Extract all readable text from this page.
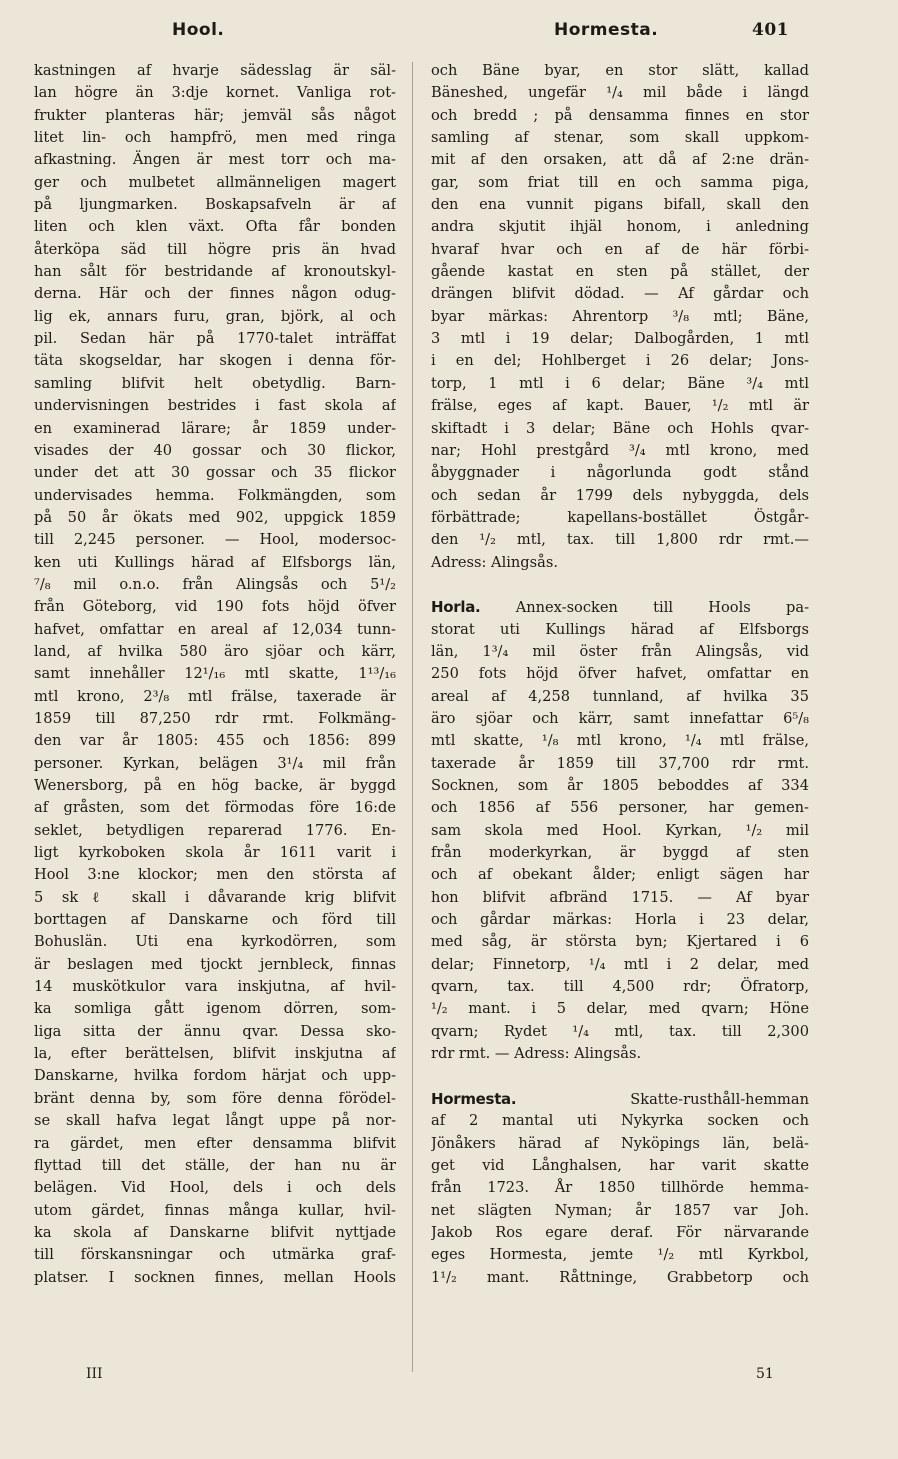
Hool.	Hormesta.	401
kastningen af hvarje sädesslag är säl-
lan högre än 3:dje kornet. Vanliga rot-
frukter planteras här; jemväl sås något
litet lin- och hampfrö, men med ringa
afkastning. Ängen är mest torr och ma-
ger och mulbetet allmänneligen magert
på ljungmarken. Boskapsafveln är af
liten och klen växt. Ofta får bonden
återköpa säd till högre pris än hvad
han sålt för bestridande af kronoutskyl-
derna. Här och der finnes någon odug-
lig ek, annars furu, gran, björk, al och
pil. Sedan här på 1770-talet inträffat
täta skogseldar, har skogen i denna för-
samling blifvit helt obetydlig. Barn-
undervisningen bestrides i fast skola af
en examinerad lärare; år 1859 under-
visades der 40 gossar och 30 flickor,
under det att 30 gossar och 35 flickor
undervisades hemma. Folkmängden, som
på 50 år ökats med 902, uppgick 1859
till 2,245 personer. — Hool, modersoc-
ken uti Kullings härad af Elfsborgs län,
⁷/₈ mil o.n.o. från Alingsås och 5¹/₂
från Göteborg, vid 190 fots höjd öfver
hafvet, omfattar en areal af 12,034 tunn-
land, af hvilka 580 äro sjöar och kärr,
samt innehåller 12¹/₁₆ mtl skatte, 1¹³/₁₆
mtl krono, 2³/₈ mtl frälse, taxerade är
1859 till 87,250 rdr rmt. Folkmäng-
den var år 1805: 455 och 1856: 899
personer. Kyrkan, belägen 3¹/₄ mil från
Wenersborg, på en hög backe, är byggd
af gråsten, som det förmodas före 16:de
seklet, betydligen reparerad 1776. En-
ligt kyrkoboken skola år 1611 varit i
Hool 3:ne klockor; men den största af
5 skℓ skall i dåvarande krig blifvit
borttagen af Danskarne och förd till
Bohuslän. Uti ena kyrkodörren, som
är beslagen med tjockt jernbleck, finnas
14 muskötkulor vara inskjutna, af hvil-
ka somliga gått igenom dörren, som-
liga sitta der ännu qvar. Dessa sko-
la, efter berättelsen, blifvit inskjutna af
Danskarne, hvilka fordom härjat och upp-
bränt denna by, som före denna förödel-
se skall hafva legat långt uppe på nor-
ra gärdet, men efter densamma blifvit
flyttad till det ställe, der han nu är
belägen. Vid Hool, dels i och dels
utom gärdet, finnas många kullar, hvil-
ka skola af Danskarne blifvit nyttjade
till förskansningar och utmärka graf-
platser. I socknen finnes, mellan Hools
och Bäne byar, en stor slätt, kallad
Bäneshed, ungefär ¹/₄ mil både i längd
och bredd ; på densamma finnes en stor
samling af stenar, som skall uppkom-
mit af den orsaken, att då af 2:ne drän-
gar, som friat till en och samma piga,
den ena vunnit pigans bifall, skall den
andra skjutit ihjäl honom, i anledning
hvaraf hvar och en af de här förbi-
gående kastat en sten på stället, der
drängen blifvit dödad. — Af gårdar och
byar märkas: Ahrentorp ³/₈ mtl; Bäne,
3 mtl i 19 delar; Dalbogården, 1 mtl
i en del; Hohlberget i 26 delar; Jons-
torp, 1 mtl i 6 delar; Bäne ³/₄ mtl
frälse, eges af kapt. Bauer, ¹/₂ mtl är
skiftadt i 3 delar; Bäne och Hohls qvar-
nar; Hohl prestgård ³/₄ mtl krono, med
åbyggnader i någorlunda godt stånd
och sedan år 1799 dels nybyggda, dels
förbättrade; kapellans-bostället Östgår-
den ¹/₂ mtl, tax. till 1,800 rdr rmt.—
Adress: Alingsås.
Horla. Annex-socken till Hools pa-
storat uti Kullings härad af Elfsborgs
län, 1³/₄ mil öster från Alingsås, vid
250 fots höjd öfver hafvet, omfattar en
areal af 4,258 tunnland, af hvilka 35
äro sjöar och kärr, samt innefattar 6⁵/₈
mtl skatte, ¹/₈ mtl krono, ¹/₄ mtl frälse,
taxerade år 1859 till 37,700 rdr rmt.
Socknen, som år 1805 beboddes af 334
och 1856 af 556 personer, har gemen-
sam skola med Hool. Kyrkan, ¹/₂ mil
från moderkyrkan, är byggd af sten
och af obekant ålder; enligt sägen har
hon blifvit afbränd 1715. — Af byar
och gårdar märkas: Horla i 23 delar,
med såg, är största byn; Kjertared i 6
delar; Finnetorp, ¹/₄ mtl i 2 delar, med
qvarn, tax. till 4,500 rdr; Öfratorp,
¹/₂ mant. i 5 delar, med qvarn; Höne
qvarn; Rydet ¹/₄ mtl, tax. till 2,300
rdr rmt. — Adress: Alingsås.
Hormesta. Skatte-rusthåll-hemman
af 2 mantal uti Nykyrka socken och
Jönåkers härad af Nyköpings län, belä-
get vid Långhalsen, har varit skatte
från 1723. År 1850 tillhörde hemma-
net slägten Nyman; år 1857 var Joh.
Jakob Ros egare deraf. För närvarande
eges Hormesta, jemte ¹/₂ mtl Kyrkbol,
1¹/₂ mant. Råttninge, Grabbetorp och
III	51
